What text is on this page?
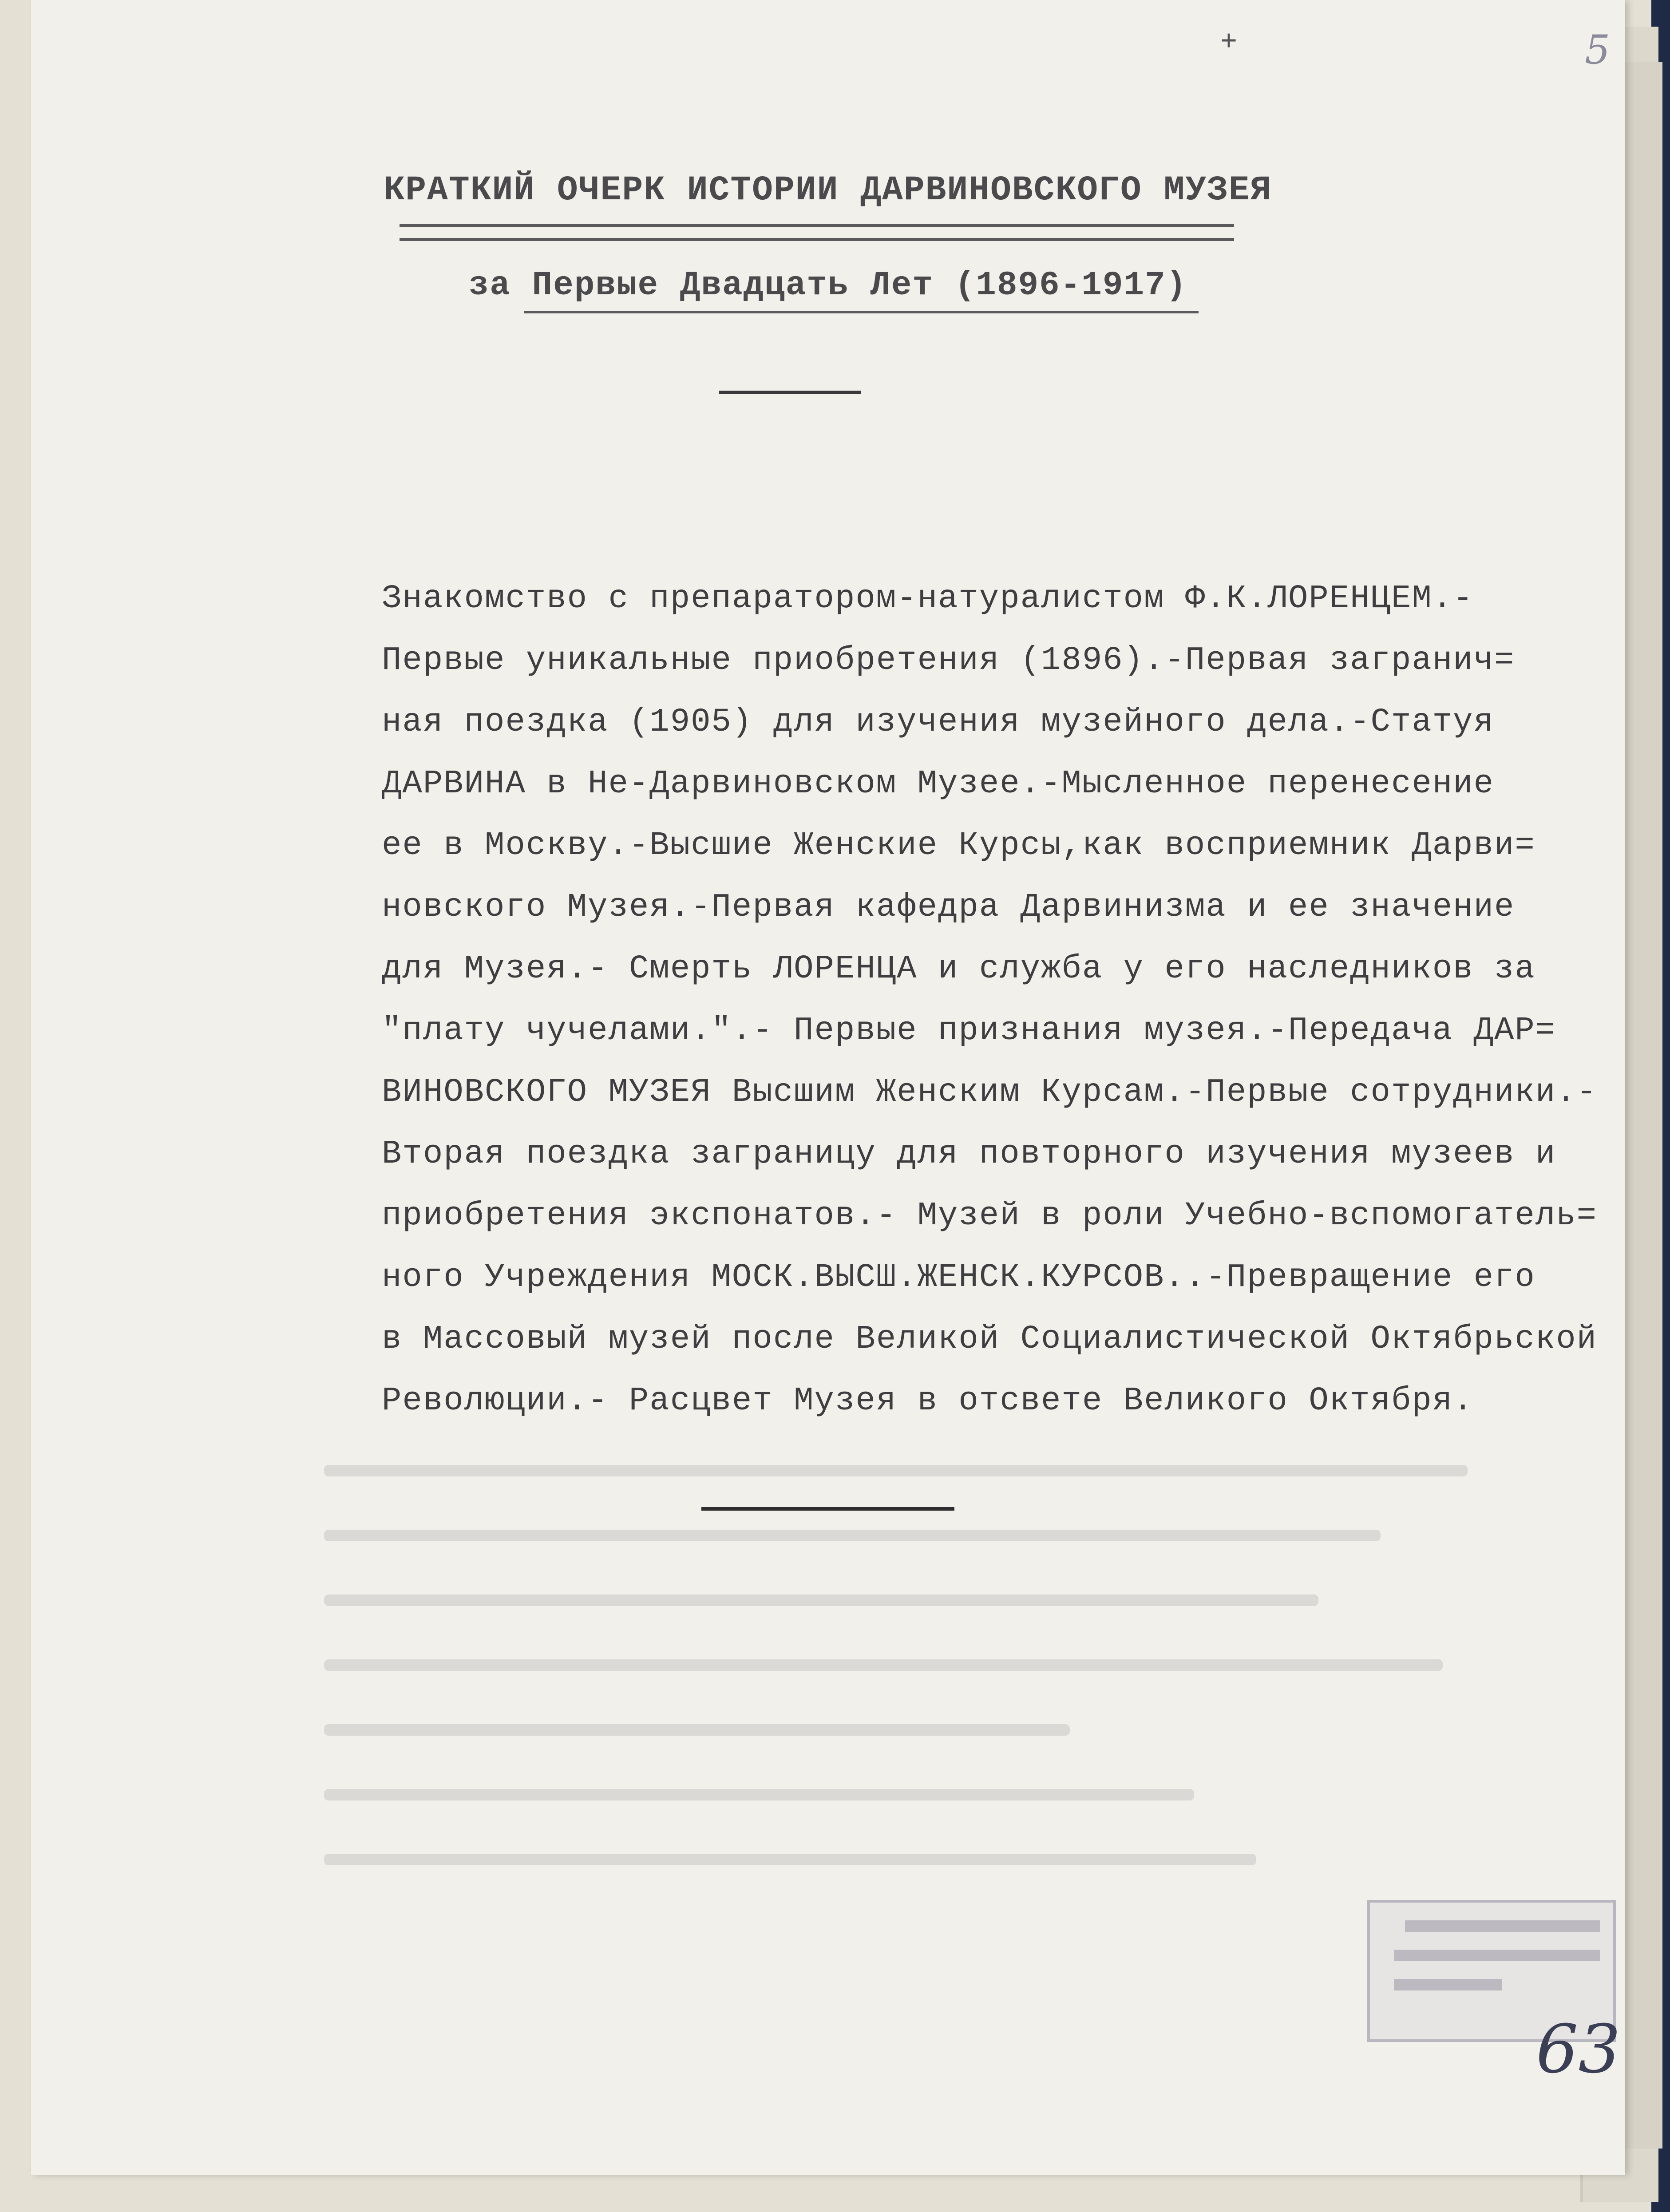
+	5
КРАТКИЙ ОЧЕРК ИСТОРИИ ДАРВИНОВСКОГО МУЗЕЯ
за Первые Двадцать Лет (1896-1917)
Знакомство с препаратором-натуралистом Ф.К.ЛОРЕНЦЕМ.-
Первые уникальные приобретения (1896).-Первая загранич=
ная поездка (1905) для изучения музейного дела.-Статуя
ДАРВИНА в Не-Дарвиновском Музее.-Мысленное перенесение
ее в Москву.-Высшие Женские Курсы,как восприемник Дарви=
новского Музея.-Первая кафедра Дарвинизма и ее значение
для Музея.- Смерть ЛОРЕНЦА и служба у его наследников за
"плату чучелами.".- Первые признания музея.-Передача ДАР=
ВИНОВСКОГО МУЗЕЯ Высшим Женским Курсам.-Первые сотрудники.-
Вторая поездка заграницу для повторного изучения музеев и
приобретения экспонатов.- Музей в роли Учебно-вспомогатель=
ного Учреждения МОСК.ВЫСШ.ЖЕНСК.КУРСОВ..-Превращение его
в Массовый музей после Великой Социалистической Октябрьской
Революции.- Расцвет Музея в отсвете Великого Октября.
63
